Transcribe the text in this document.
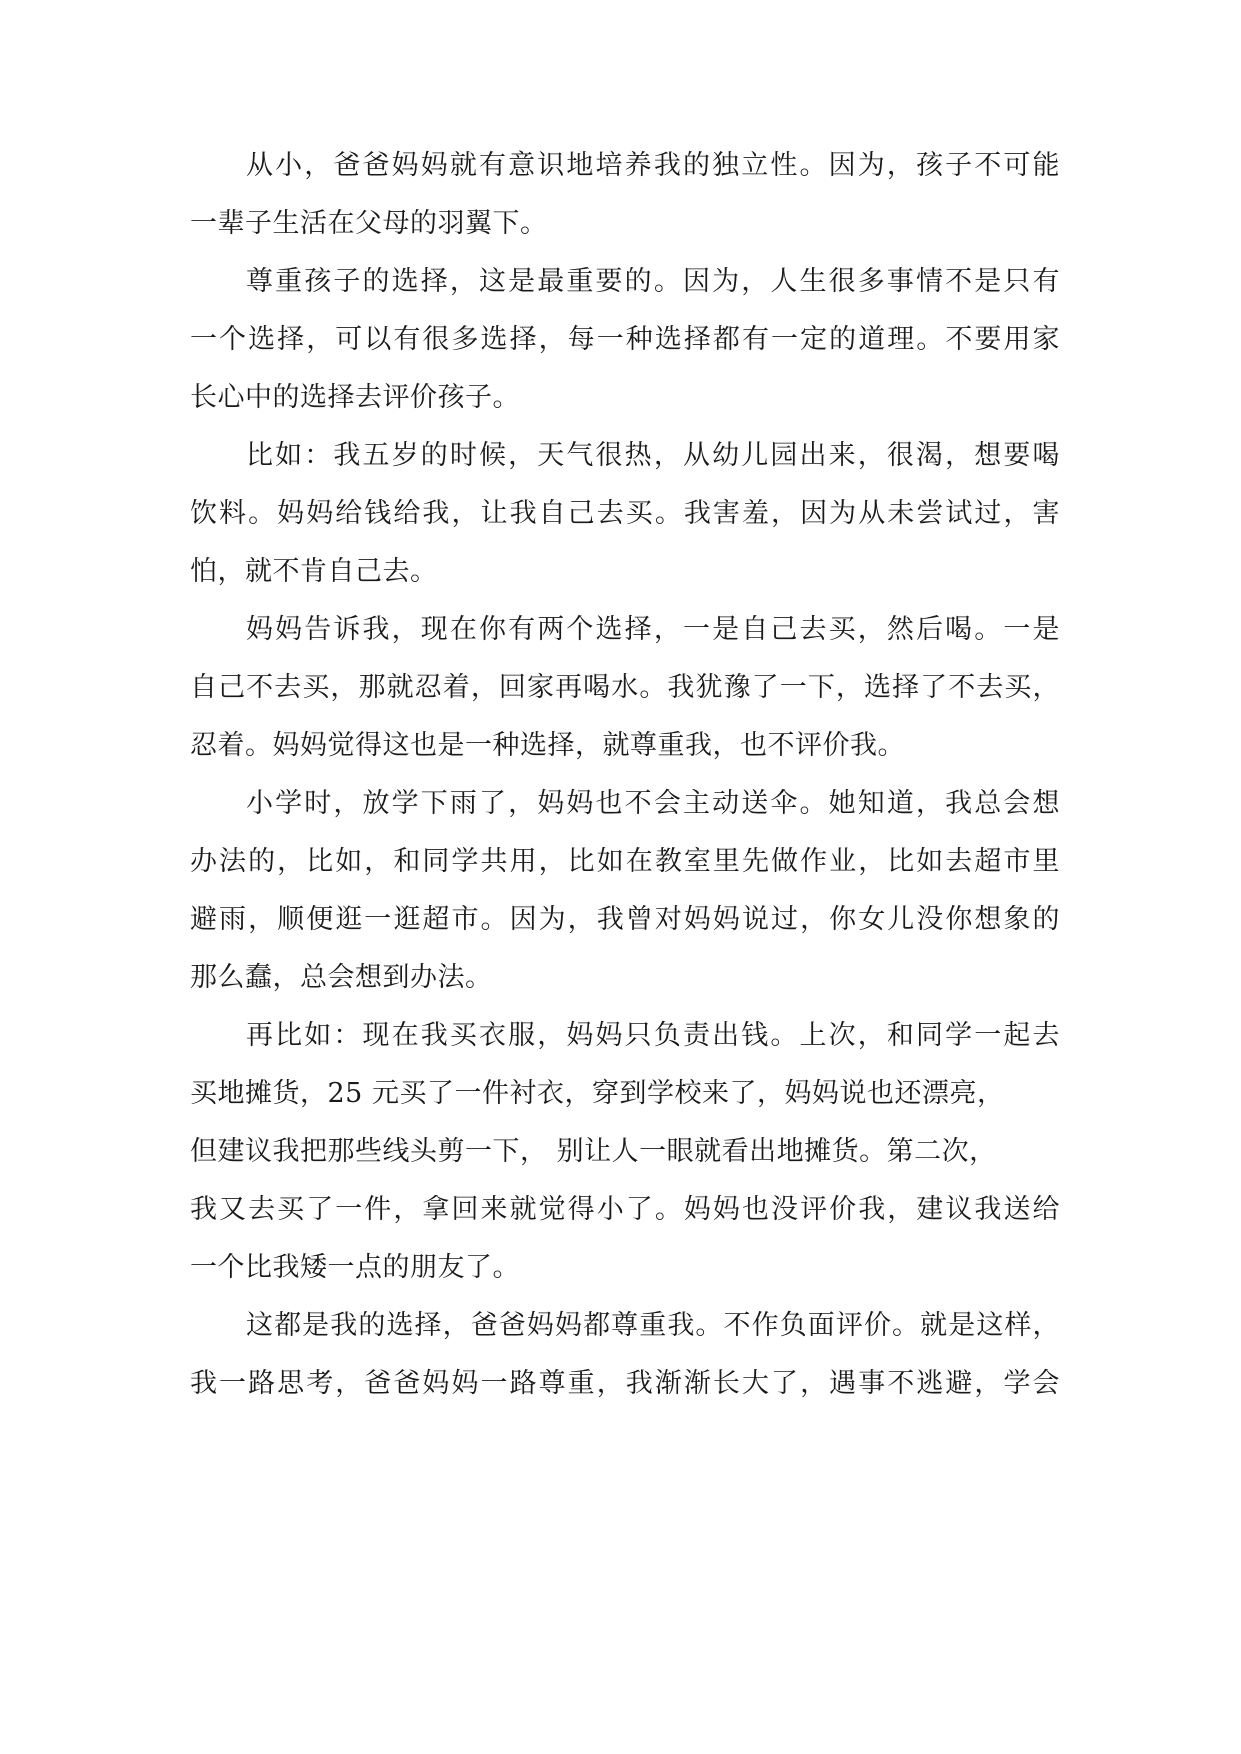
从小，爸爸妈妈就有意识地培养我的独立性。因为，孩子不可能
一辈子生活在父母的羽翼下。
尊重孩子的选择，这是最重要的。因为，人生很多事情不是只有
一个选择，可以有很多选择，每一种选择都有一定的道理。不要用家
长心中的选择去评价孩子。
比如：我五岁的时候，天气很热，从幼儿园出来，很渴，想要喝
饮料。妈妈给钱给我，让我自己去买。我害羞，因为从未尝试过，害
怕，就不肯自己去。
妈妈告诉我，现在你有两个选择，一是自己去买，然后喝。一是
自己不去买，那就忍着，回家再喝水。我犹豫了一下，选择了不去买，
忍着。妈妈觉得这也是一种选择，就尊重我，也不评价我。
小学时，放学下雨了，妈妈也不会主动送伞。她知道，我总会想
办法的，比如，和同学共用，比如在教室里先做作业，比如去超市里
避雨，顺便逛一逛超市。因为，我曾对妈妈说过，你女儿没你想象的
那么蠢，总会想到办法。
再比如：现在我买衣服，妈妈只负责出钱。上次，和同学一起去
买地摊货，25 元买了一件衬衣，穿到学校来了，妈妈说也还漂亮，
但建议我把那些线头剪一下， 别让人一眼就看出地摊货。第二次，
我又去买了一件，拿回来就觉得小了。妈妈也没评价我，建议我送给
一个比我矮一点的朋友了。
这都是我的选择，爸爸妈妈都尊重我。不作负面评价。就是这样，
我一路思考，爸爸妈妈一路尊重，我渐渐长大了，遇事不逃避，学会
